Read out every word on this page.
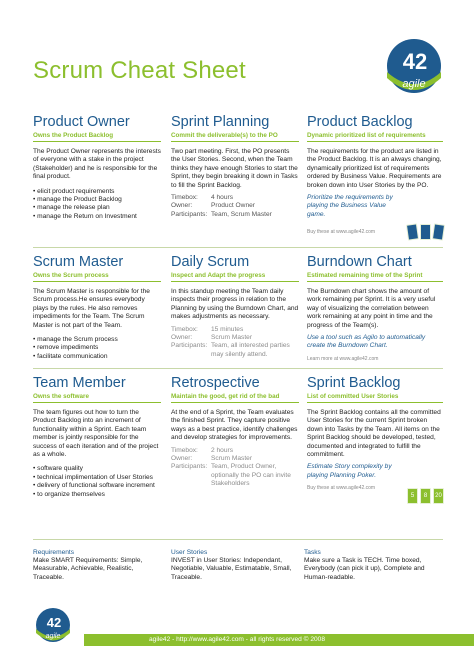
Scrum Cheat Sheet	42
agile
Product Owner
Owns the Product Backlog
The Product Owner represents the interests of everyone with a stake in the project (Stakeholder) and he is responsible for the final product.
• elicit product requirements
• manage the Product Backlog
• manage the release plan
• manage the Return on Investment
Sprint Planning
Commit the deliverable(s) to the PO
Two part meeting. First, the PO presents the User Stories. Second, when the Team thinks they have enough Stories to start the Sprint, they begin breaking it down in Tasks to fill the Sprint Backlog.
Timebox:	4 hours
Owner:	Product Owner
Participants: Team, Scrum Master
Product Backlog
Dynamic prioritized list of requirements
The requirements for the product are listed in the Product Backlog. It is an always changing, dynamically prioritized list of requirements ordered by Business Value. Requirements are broken down into User Stories by the PO.
Prioritize the requirements by playing the Business Value game.
Buy these at www.agile42.com
Scrum Master
Owns the Scrum process
The Scrum Master is responsible for the Scrum process.He ensures everybody plays by the rules. He also removes impediments for the Team. The Scrum Master is not part of the Team.
• manage the Scrum process
• remove impediments
• facilitate communication
Daily Scrum
Inspect and Adapt the progress
In this standup meeting the Team daily inspects their progress in relation to the Planning by using the Burndown Chart, and makes adjustments as necessary.
Timebox:	15 minutes
Owner:	Scrum Master
Participants: Team, all interested parties may silently attend.
Burndown Chart
Estimated remaining time of the Sprint
The Burndown chart shows the amount of work remaining per Sprint. It is a very useful way of visualizing the correlation between work remaining at any point in time and the progress of the Team(s).
Use a tool such as Agilo to automatically create the Burndown Chart.
Learn more at www.agile42.com
Team Member
Owns the software
The team figures out how to turn the Product Backlog into an increment of functionality within a Sprint. Each team member is jointly responsible for the success of each iteration and of the project as a whole.
• software quality
• technical implimentation of User Stories
• delivery of functional software increment
• to organize themselves
Retrospective
Maintain the good, get rid of the bad
At the end of a Sprint, the Team evaluates the finished Sprint. They capture positive ways as a best practice, identify challenges and develop strategies for improvements.
Timebox:	2 hours
Owner:	Scrum Master
Participants: Team, Product Owner, optionally the PO can invite Stakeholders
Sprint Backlog
List of committed User Stories
The Sprint Backlog contains all the committed User Stories for the current Sprint broken down into Tasks by the Team. All items on the Sprint Backlog should be developed, tested, documented and integrated to fulfill the commitment.
Estimate Story complexity by playing Planning Poker.
5	8	20
Buy these at www.agile42.com
Requirements
Make SMART Requirements: Simple, Measurable, Achievable, Realistic, Traceable.
User Stories
INVEST in User Stories: Independant, Negotiable, Valuable, Estimatable, Small, Traceable.
Tasks
Make sure a Task is TECH. Time boxed, Everybody (can pick it up), Complete and Human-readable.
42
agile	agile42 - http://www.agile42.com - all rights reserved © 2008
